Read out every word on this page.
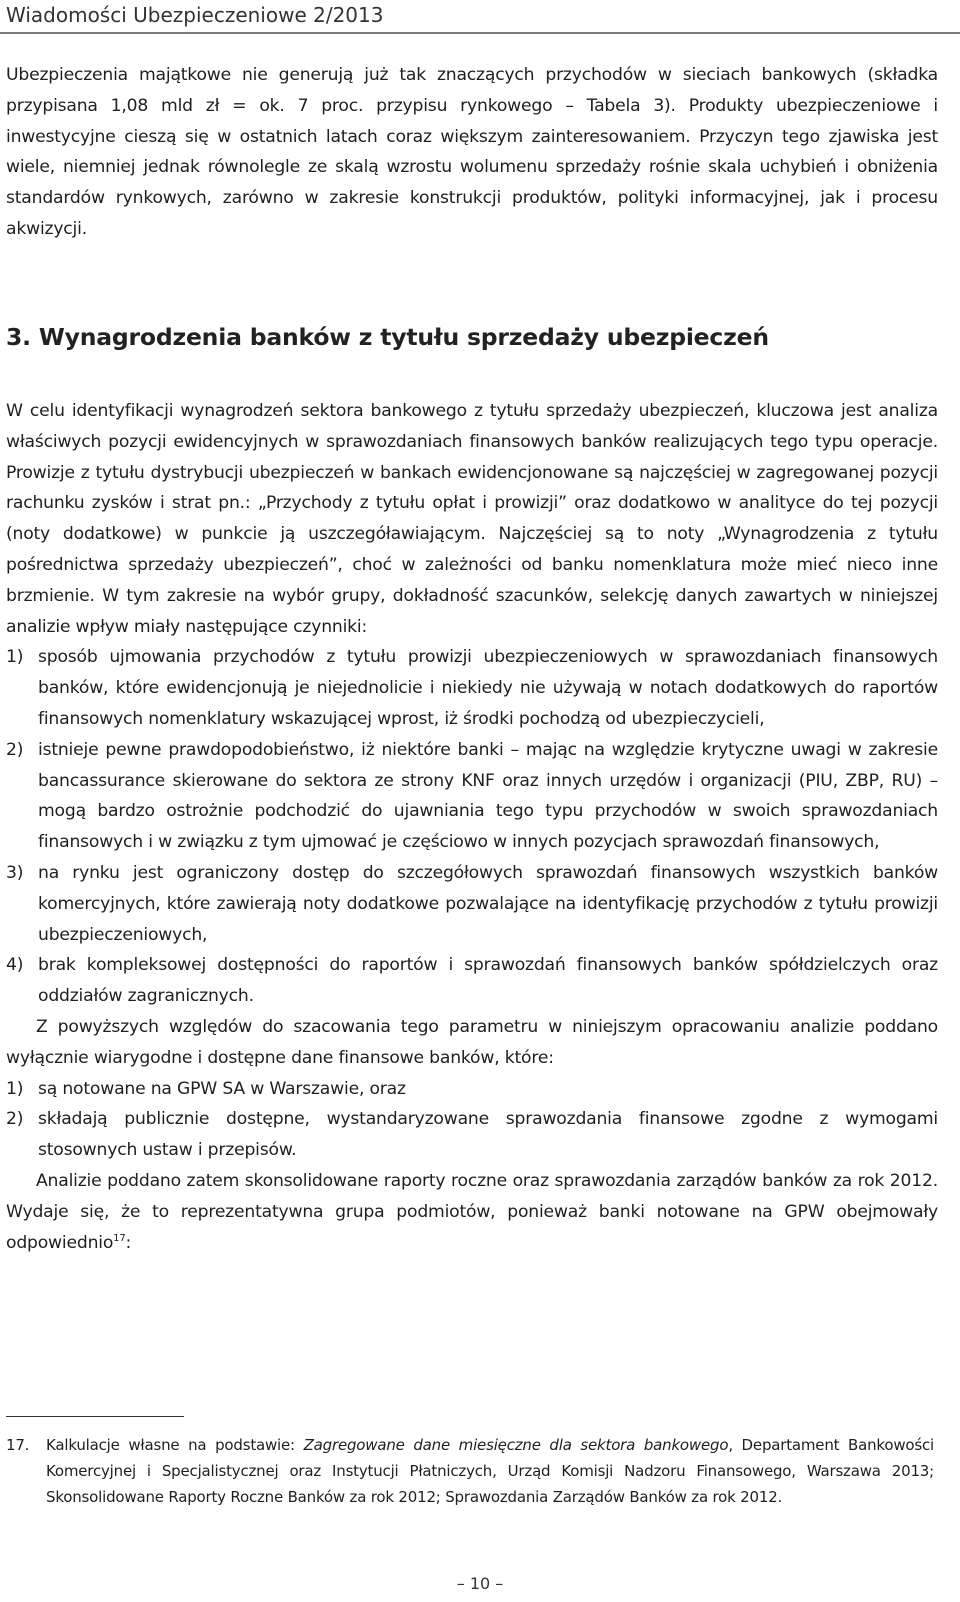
Wiadomości Ubezpieczeniowe 2/2013

Ubezpieczenia majątkowe nie generują już tak znaczących przychodów w sieciach bankowych (składka przypisana 1,08 mld zł = ok. 7 proc. przypisu rynkowego – Tabela 3). Produkty ubezpieczeniowe i inwestycyjne cieszą się w ostatnich latach coraz większym zainteresowaniem. Przyczyn tego zjawiska jest wiele, niemniej jednak równolegle ze skalą wzrostu wolumenu sprzedaży rośnie skala uchybień i obniżenia standardów rynkowych, zarówno w zakresie konstrukcji produktów, polityki informacyjnej, jak i procesu akwizycji.

3. Wynagrodzenia banków z tytułu sprzedaży ubezpieczeń

W celu identyfikacji wynagrodzeń sektora bankowego z tytułu sprzedaży ubezpieczeń, kluczowa jest analiza właściwych pozycji ewidencyjnych w sprawozdaniach finansowych banków realizujących tego typu operacje. Prowizje z tytułu dystrybucji ubezpieczeń w bankach ewidencjonowane są najczęściej w zagregowanej pozycji rachunku zysków i strat pn.: „Przychody z tytułu opłat i prowizji” oraz dodatkowo w analityce do tej pozycji (noty dodatkowe) w punkcie ją uszczegóławiającym. Najczęściej są to noty „Wynagrodzenia z tytułu pośrednictwa sprzedaży ubezpieczeń”, choć w zależności od banku nomenklatura może mieć nieco inne brzmienie. W tym zakresie na wybór grupy, dokładność szacunków, selekcję danych zawartych w niniejszej analizie wpływ miały następujące czynniki:

1) sposób ujmowania przychodów z tytułu prowizji ubezpieczeniowych w sprawozdaniach finansowych banków, które ewidencjonują je niejednolicie i niekiedy nie używają w notach dodatkowych do raportów finansowych nomenklatury wskazującej wprost, iż środki pochodzą od ubezpieczycieli,
2) istnieje pewne prawdopodobieństwo, iż niektóre banki – mając na względzie krytyczne uwagi w zakresie bancassurance skierowane do sektora ze strony KNF oraz innych urzędów i organizacji (PIU, ZBP, RU) – mogą bardzo ostrożnie podchodzić do ujawniania tego typu przychodów w swoich sprawozdaniach finansowych i w związku z tym ujmować je częściowo w innych pozycjach sprawozdań finansowych,
3) na rynku jest ograniczony dostęp do szczegółowych sprawozdań finansowych wszystkich banków komercyjnych, które zawierają noty dodatkowe pozwalające na identyfikację przychodów z tytułu prowizji ubezpieczeniowych,
4) brak kompleksowej dostępności do raportów i sprawozdań finansowych banków spółdzielczych oraz oddziałów zagranicznych.

Z powyższych względów do szacowania tego parametru w niniejszym opracowaniu analizie poddano wyłącznie wiarygodne i dostępne dane finansowe banków, które:

1) są notowane na GPW SA w Warszawie, oraz
2) składają publicznie dostępne, wystandaryzowane sprawozdania finansowe zgodne z wymogami stosownych ustaw i przepisów.

Analizie poddano zatem skonsolidowane raporty roczne oraz sprawozdania zarządów banków za rok 2012. Wydaje się, że to reprezentatywna grupa podmiotów, ponieważ banki notowane na GPW obejmowały odpowiednio$^{17}$:

17. Kalkulacje własne na podstawie: Zagregowane dane miesięczne dla sektora bankowego, Departament Bankowości Komercyjnej i Specjalistycznej oraz Instytucji Płatniczych, Urząd Komisji Nadzoru Finansowego, Warszawa 2013; Skonsolidowane Raporty Roczne Banków za rok 2012; Sprawozdania Zarządów Banków za rok 2012.
– 10 –
